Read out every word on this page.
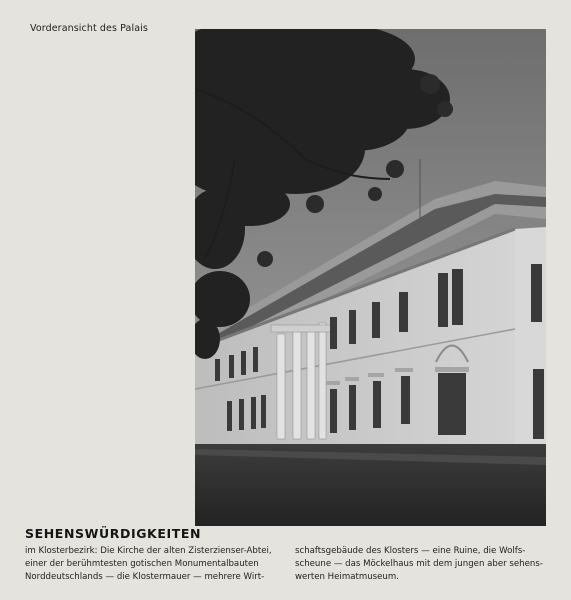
Vorderansicht des Palais
SEHENSWÜRDIGKEITEN
im Klosterbezirk: Die Kirche der alten Zisterzienser-Abtei,
einer der berühmtesten gotischen Monumentalbauten
Norddeutschlands — die Klostermauer — mehrere Wirt-
schaftsgebäude des Klosters — eine Ruine, die Wolfs-
scheune — das Möckelhaus mit dem jungen aber sehens-
werten Heimatmuseum.
